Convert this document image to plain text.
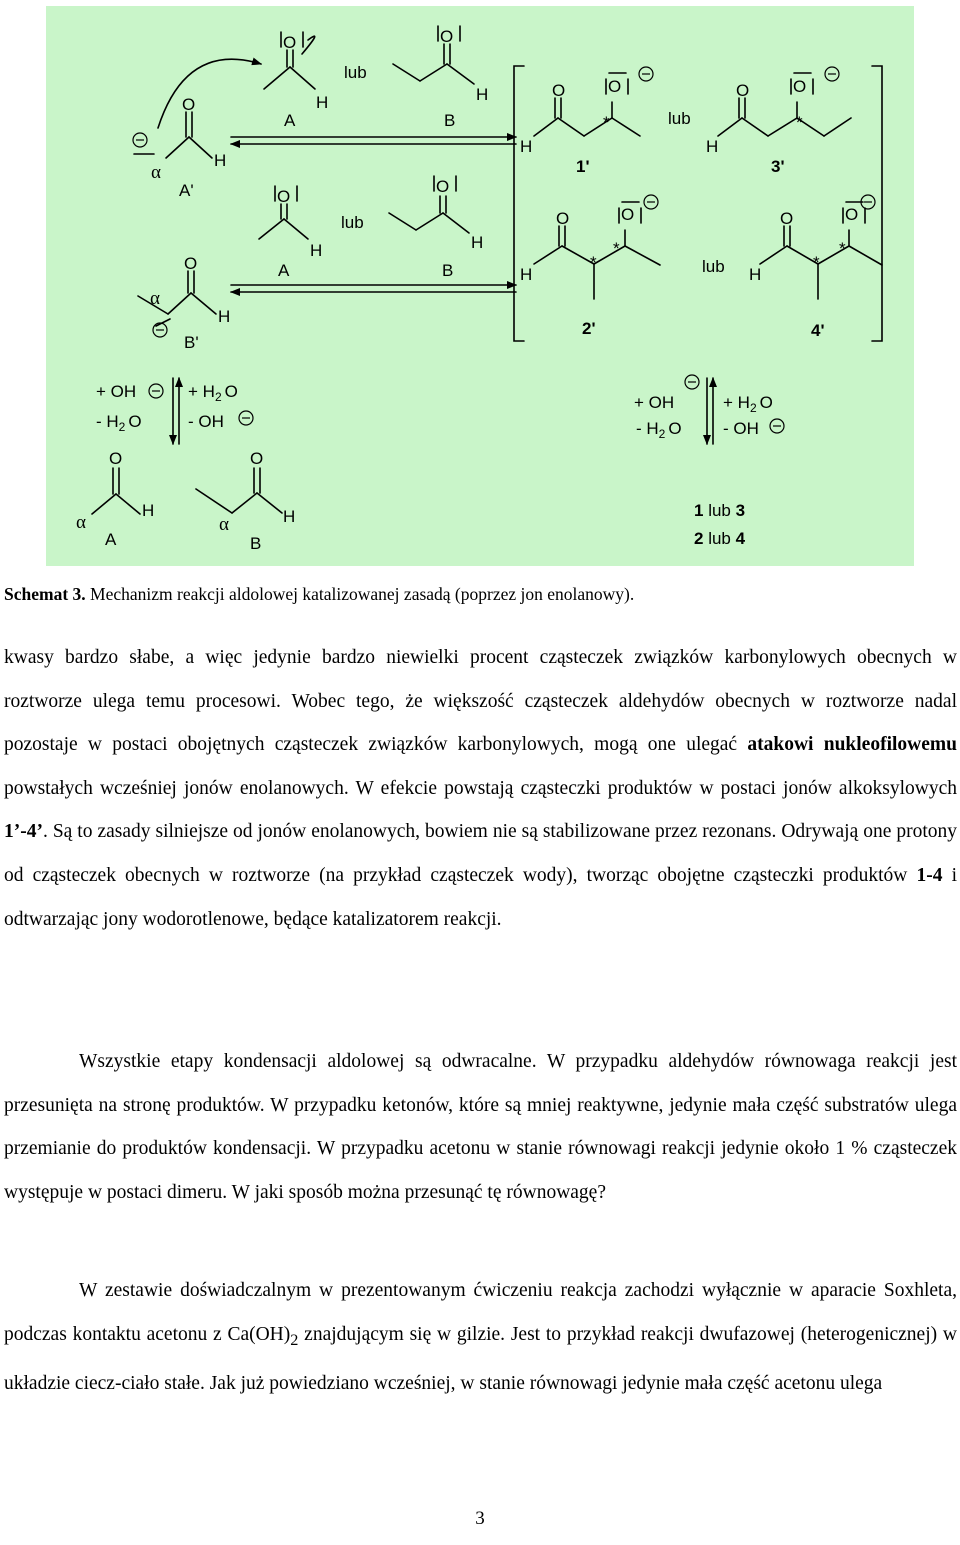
O
H
α
A'
O
H
A
lub
O
H
B
O
H
A
lub
O
H
B
O
H
α
B'
O
H
O
*
1'
lub
O
H
O
*
3'
O
H
O
*
*
2'
lub
O
H
O
*
*
4'
+ OH
- $H_2$ O
+ $H_2$ O
- OH
+ OH
- $H_2$ O
+ $H_2$ O
- OH
O
H
α
A
O
H
α
B
1 lub 3
2 lub 4
Schemat 3. Mechanizm reakcji aldolowej katalizowanej zasadą (poprzez jon enolanowy).

kwasy bardzo słabe, a więc jedynie bardzo niewielki procent cząsteczek związków karbonylowych obecnych w roztworze ulega temu procesowi. Wobec tego, że większość cząsteczek aldehydów obecnych w roztworze nadal pozostaje w postaci obojętnych cząsteczek związków karbonylowych, mogą one ulegać atakowi nukleofilowemu powstałych wcześniej jonów enolanowych. W efekcie powstają cząsteczki produktów w postaci jonów alkoksylowych 1’-4’. Są to zasady silniejsze od jonów enolanowych, bowiem nie są stabilizowane przez rezonans. Odrywają one protony od cząsteczek obecnych w roztworze (na przykład cząsteczek wody), tworząc obojętne cząsteczki produktów 1-4 i odtwarzając jony wodorotlenowe, będące katalizatorem reakcji.

Wszystkie etapy kondensacji aldolowej są odwracalne. W przypadku aldehydów równowaga reakcji jest przesunięta na stronę produktów. W przypadku ketonów, które są mniej reaktywne, jedynie mała część substratów ulega przemianie do produktów kondensacji. W przypadku acetonu w stanie równowagi reakcji jedynie około 1 % cząsteczek występuje w postaci dimeru. W jaki sposób można przesunąć tę równowagę?

W zestawie doświadczalnym w prezentowanym ćwiczeniu reakcja zachodzi wyłącznie w aparacie Soxhleta, podczas kontaktu acetonu z $Ca(OH)_2$ znajdującym się w gilzie. Jest to przykład reakcji dwufazowej (heterogenicznej) w układzie ciecz-ciało stałe. Jak już powiedziano wcześniej, w stanie równowagi jedynie mała część acetonu ulega

3
